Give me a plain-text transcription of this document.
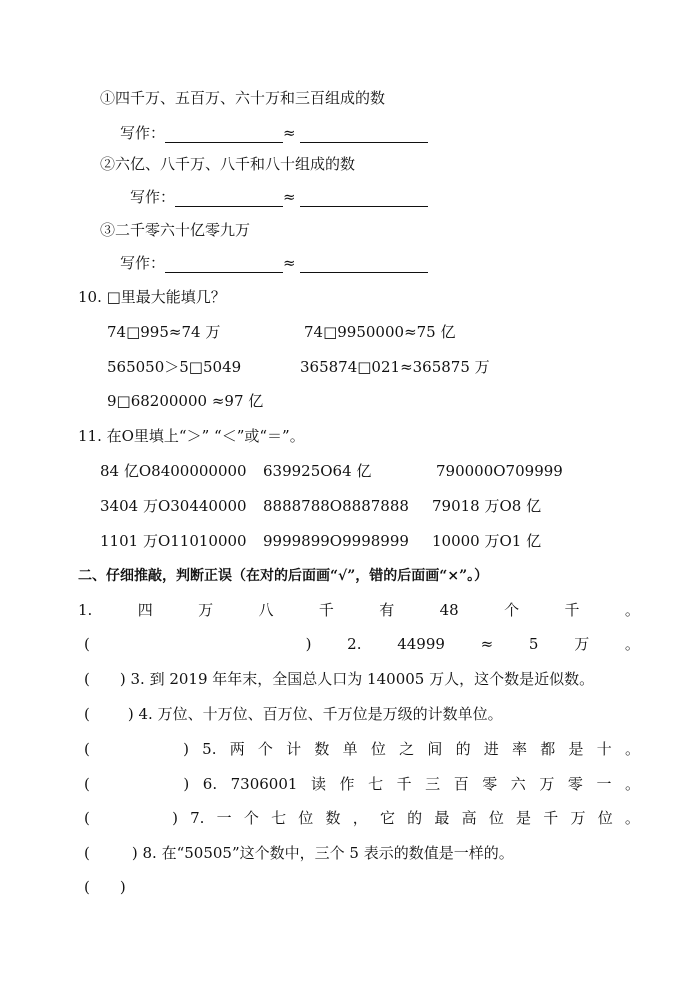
①四千万、五百万、六十万和三百组成的数
写作：	≈
②六亿、八千万、八千和八十组成的数
写作：	≈
③二千零六十亿零九万
写作：	≈
10. □里最大能填几？
74□995≈74 万	74□9950000≈75 亿
565050＞5□5049	365874□021≈365875 万
9□68200000 ≈97 亿
11. 在O里填上“＞” “＜”或“＝”。
84 亿O8400000000 639925O64 亿	790000O709999
3404 万O30440000 8888788O8887888 79018 万O8 亿
1101 万O11010000 9999899O9998999 10000 万O1 亿
二、仔细推敲，判断正误（在对的后面画“√”，错的后面画“×”。）
1.	四	万	八	千	有	48	个	千	。
(	) 2. 44999 ≈ 5 万 。
( ) 3. 到 2019 年年末，全国总人口为 140005 万人，这个数是近似数。
(	) 4. 万位、十万位、百万位、千万位是万级的计数单位。
(	) 5. 两 个 计 数 单 位 之 间 的 进 率 都 是 十 。
(	) 6. 7306001 读 作 七 千 三 百 零 六 万 零 一 。
(	) 7. 一 个 七 位 数 ， 它 的 最 高 位 是 千 万 位 。
(	) 8. 在“50505”这个数中，三个 5 表示的数值是一样的。
( )
